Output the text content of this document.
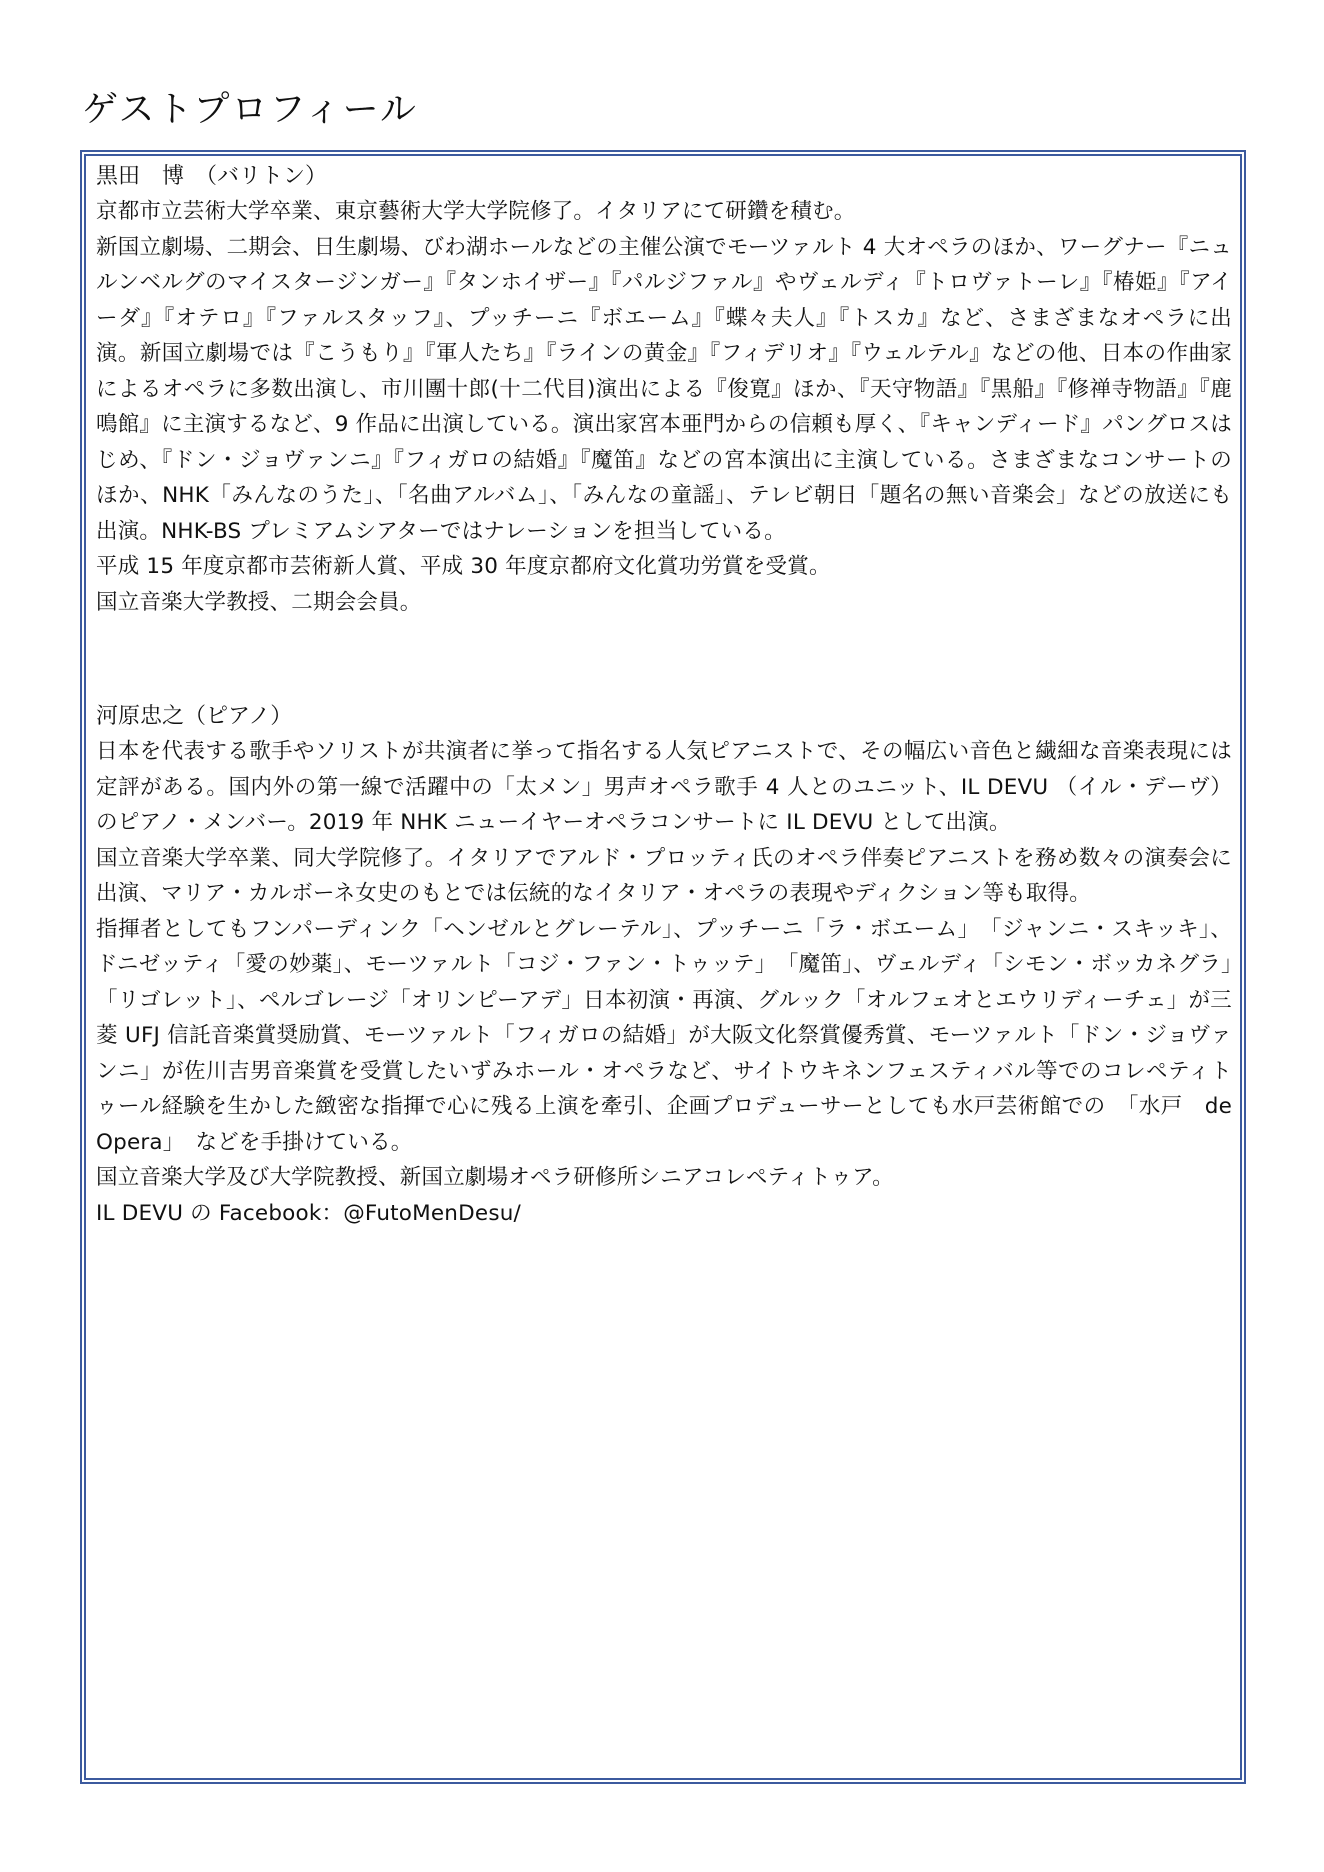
ゲストプロフィール

黒田　博　（バリトン）

京都市立芸術大学卒業、東京藝術大学大学院修了。イタリアにて研鑽を積む。

新国立劇場、二期会、日生劇場、びわ湖ホールなどの主催公演でモーツァルト 4 大オペラのほか、ワーグナー『ニュルンベルグのマイスタージンガー』『タンホイザー』『パルジファル』やヴェルディ『トロヴァトーレ』『椿姫』『アイーダ』『オテロ』『ファルスタッフ』、プッチーニ『ボエーム』『蝶々夫人』『トスカ』など、さまざまなオペラに出演。新国立劇場では『こうもり』『軍人たち』『ラインの黄金』『フィデリオ』『ウェルテル』などの他、日本の作曲家によるオペラに多数出演し、市川團十郎(十二代目)演出による『俊寛』ほか、『天守物語』『黒船』『修禅寺物語』『鹿鳴館』に主演するなど、9 作品に出演している。演出家宮本亜門からの信頼も厚く、『キャンディード』パングロスはじめ、『ドン・ジョヴァンニ』『フィガロの結婚』『魔笛』などの宮本演出に主演している。さまざまなコンサートのほか、NHK「みんなのうた」、「名曲アルバム」、「みんなの童謡」、テレビ朝日「題名の無い音楽会」などの放送にも出演。NHK-BS プレミアムシアターではナレーションを担当している。

平成 15 年度京都市芸術新人賞、平成 30 年度京都府文化賞功労賞を受賞。

国立音楽大学教授、二期会会員。

河原忠之（ピアノ）

日本を代表する歌手やソリストが共演者に挙って指名する人気ピアニストで、その幅広い音色と繊細な音楽表現には定評がある。国内外の第一線で活躍中の「太メン」男声オペラ歌手 4 人とのユニット、IL DEVU （イル・デーヴ） のピアノ・メンバー。2019 年 NHK ニューイヤーオペラコンサートに IL DEVU として出演。

国立音楽大学卒業、同大学院修了。イタリアでアルド・プロッティ氏のオペラ伴奏ピアニストを務め数々の演奏会に出演、マリア・カルボーネ女史のもとでは伝統的なイタリア・オペラの表現やディクション等も取得。

指揮者としてもフンパーディンク「ヘンゼルとグレーテル」、プッチーニ「ラ・ボエーム」　「ジャンニ・スキッキ」、ドニゼッティ「愛の妙薬」、モーツァルト「コジ・ファン・トゥッテ」　「魔笛」、ヴェルディ「シモン・ボッカネグラ」　「リゴレット」、ペルゴレージ「オリンピーアデ」日本初演・再演、グルック「オルフェオとエウリディーチェ」が三菱 UFJ 信託音楽賞奨励賞、モーツァルト「フィガロの結婚」が大阪文化祭賞優秀賞、モーツァルト「ドン・ジョヴァンニ」が佐川吉男音楽賞を受賞したいずみホール・オペラなど、サイトウキネンフェスティバル等でのコレペティトゥール経験を生かした緻密な指揮で心に残る上演を牽引、企画プロデューサーとしても水戸芸術館での　「水戸　de Opera」　などを手掛けている。

国立音楽大学及び大学院教授、新国立劇場オペラ研修所シニアコレペティトゥア。

IL DEVU の Facebook：@FutoMenDesu/
